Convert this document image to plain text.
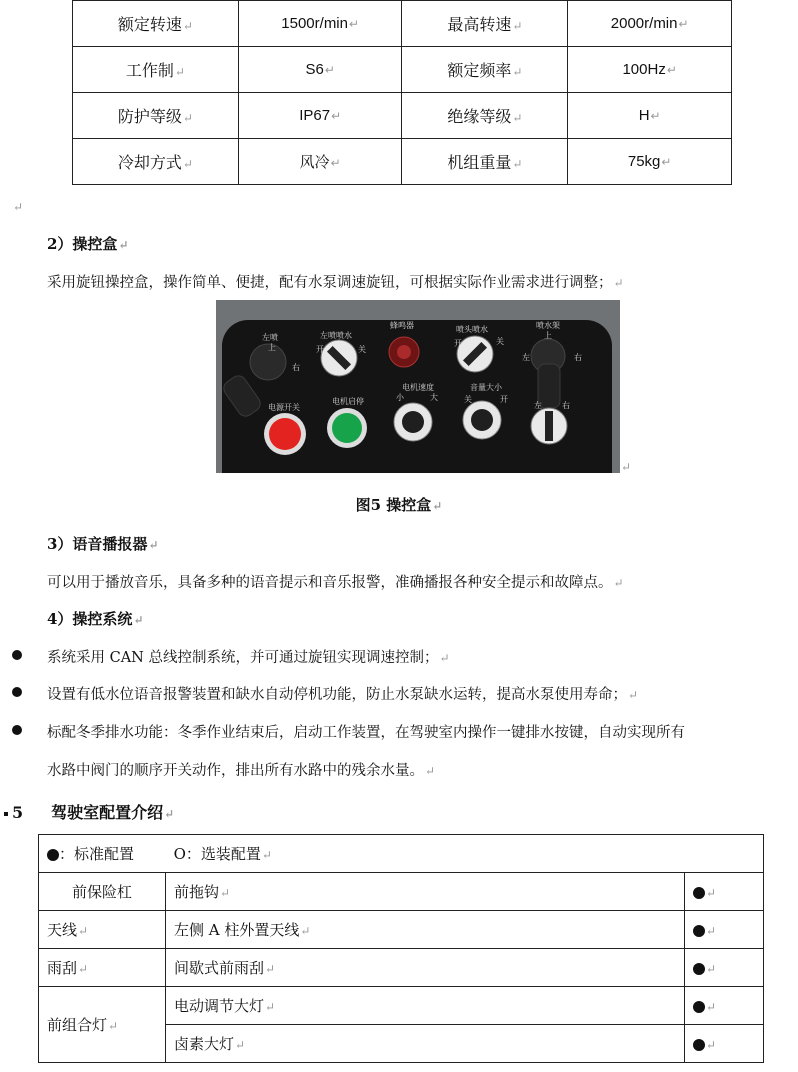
额定转速↵	1500r/min↵	最高转速↵	2000r/min↵
工作制↵	S6↵	额定频率↵	100Hz↵
防护等级↵	IP67↵	绝缘等级↵	H↵
冷却方式↵	风冷↵	机组重量↵	75kg↵
↵
2）操控盒↵
采用旋钮操控盒，操作简单、便捷，配有水泵调速旋钮，可根据实际作业需求进行调整；↵
左喷
上
右
左喷喷水
开	关
蜂鸣器	喷头喷水
开	关
喷水架
上
左	右
电源开关
电机启停
电机速度
小	大
音量大小
关	开
左	右
↵
图5 操控盒↵
3）语音播报器↵
可以用于播放音乐，具备多种的语音提示和音乐报警，准确播报各种安全提示和故障点。↵
4）操控系统↵
系统采用 CAN 总线控制系统，并可通过旋钮实现调速控制；↵
设置有低水位语音报警装置和缺水自动停机功能，防止水泵缺水运转，提高水泵使用寿命；↵
标配冬季排水功能：冬季作业结束后，启动工作装置，在驾驶室内操作一键排水按键，自动实现所有
水路中阀门的顺序开关动作，排出所有水路中的残余水量。↵
5 驾驶室配置介绍↵
：标准配置 O：选装配置↵		
前保险杠	前拖钩↵	↵
天线↵	左侧 A 柱外置天线↵	↵
雨刮↵	间歇式前雨刮↵	↵
前组合灯↵	电动调节大灯↵	↵
	卤素大灯↵	↵
